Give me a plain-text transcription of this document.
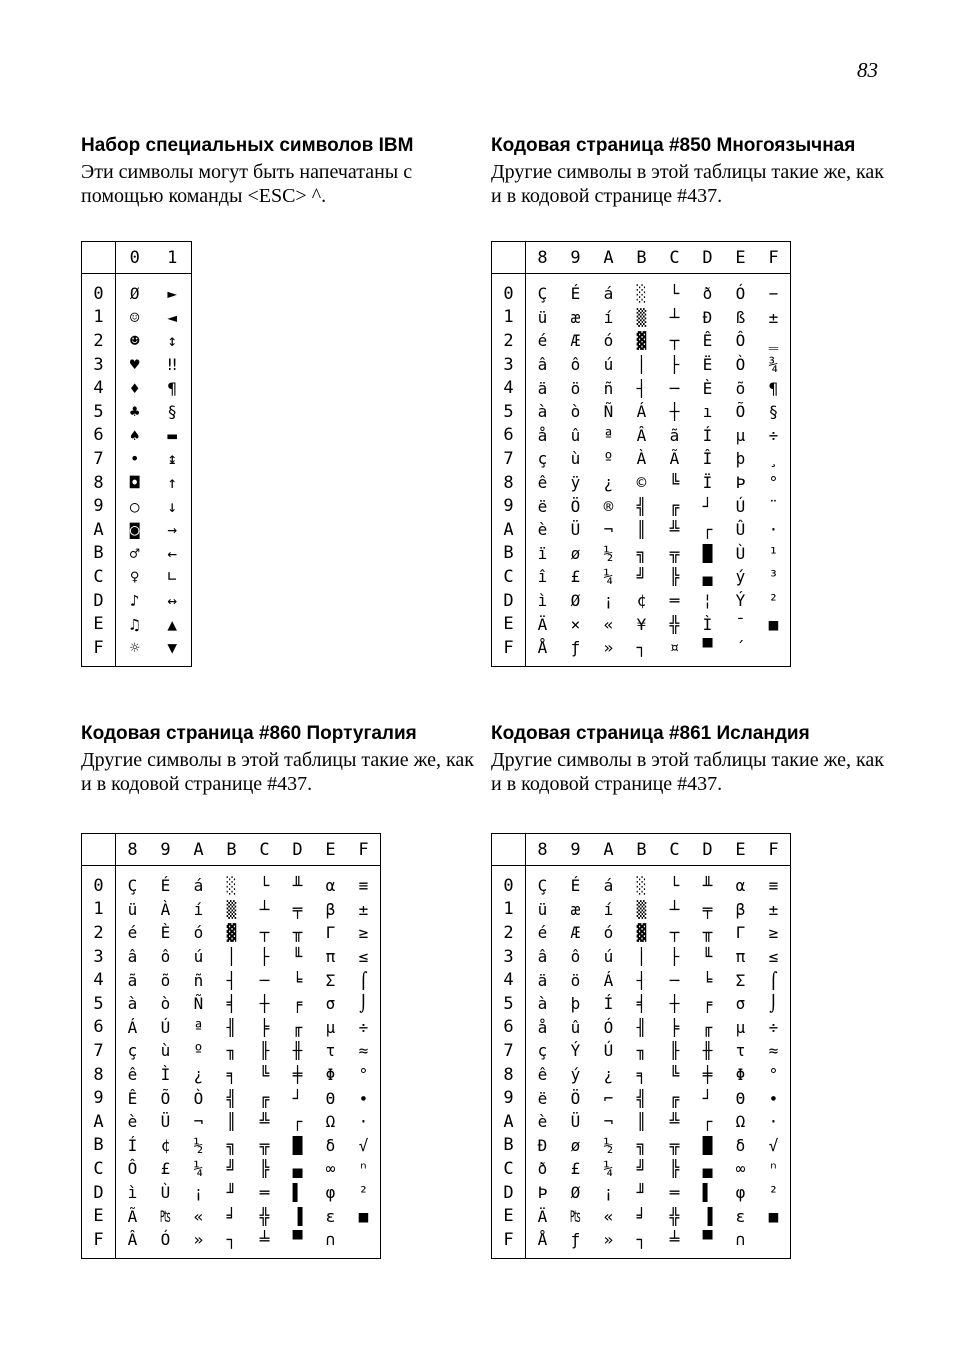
83
Набор специальных символов IBM

Эти символы могут быть напечатаны с помощью команды <ESC> ^.

	0	1
0	Ø	►
1	☺	◄
2	☻	↕
3	♥	‼
4	♦	¶
5	♣	§
6	♠	▬
7	•	↨
8	◘	↑
9	○	↓
A	◙	→
B	♂	←
C	♀	∟
D	♪	↔
E	♫	▲
F	☼	▼

Кодовая страница #850 Многоязычная

Другие символы в этой таблицы такие же, как и в кодовой странице #437.

	8	9	A	B	C	D	E	F
0	Ç	É	á	░	└	ð	Ó	−
1	ü	æ	í	▒	┴	Ð	ß	±
2	é	Æ	ó	▓	┬	Ê	Ô	‗
3	â	ô	ú	│	├	Ë	Ò	¾
4	ä	ö	ñ	┤	─	È	õ	¶
5	à	ò	Ñ	Á	┼	ı	Õ	§
6	å	û	ª	Â	ã	Í	µ	÷
7	ç	ù	º	À	Ã	Î	þ	¸
8	ê	ÿ	¿	©	╚	Ï	Þ	°
9	ë	Ö	®	╣	╔	┘	Ú	¨
A	è	Ü	¬	║	╩	┌	Û	·
B	ï	ø	½	╗	╦	█	Ù	¹
C	î	£	¼	╝	╠	▄	ý	³
D	ì	Ø	¡	¢	═	¦	Ý	²
E	Ä	×	«	¥	╬	Ì	¯	■
F	Å	ƒ	»	┐	¤	▀	´	

Кодовая страница #860 Португалия

Другие символы в этой таблицы такие же, как и в кодовой странице #437.

	8	9	A	B	C	D	E	F
0	Ç	É	á	░	└	╨	α	≡
1	ü	À	í	▒	┴	╤	β	±
2	é	È	ó	▓	┬	╥	Γ	≥
3	â	ô	ú	│	├	╙	π	≤
4	ã	õ	ñ	┤	─	╘	Σ	⌠
5	à	ò	Ñ	╡	┼	╒	σ	⌡
6	Á	Ú	ª	╢	╞	╓	µ	÷
7	ç	ù	º	╖	╟	╫	τ	≈
8	ê	Ì	¿	╕	╚	╪	Φ	°
9	Ê	Õ	Ò	╣	╔	┘	Θ	∙
A	è	Ü	¬	║	╩	┌	Ω	·
B	Í	¢	½	╗	╦	█	δ	√
C	Ô	£	¼	╝	╠	▄	∞	ⁿ
D	ì	Ù	¡	╜	═	▌	φ	²
E	Ã	₧	«	╛	╬	▐	ε	■
F	Â	Ó	»	┐	╧	▀	∩	

Кодовая страница #861 Исландия

Другие символы в этой таблицы такие же, как и в кодовой странице #437.

	8	9	A	B	C	D	E	F
0	Ç	É	á	░	└	╨	α	≡
1	ü	æ	í	▒	┴	╤	β	±
2	é	Æ	ó	▓	┬	╥	Γ	≥
3	â	ô	ú	│	├	╙	π	≤
4	ä	ö	Á	┤	─	╘	Σ	⌠
5	à	þ	Í	╡	┼	╒	σ	⌡
6	å	û	Ó	╢	╞	╓	µ	÷
7	ç	Ý	Ú	╖	╟	╫	τ	≈
8	ê	ý	¿	╕	╚	╪	Φ	°
9	ë	Ö	⌐	╣	╔	┘	Θ	∙
A	è	Ü	¬	║	╩	┌	Ω	·
B	Ð	ø	½	╗	╦	█	δ	√
C	ð	£	¼	╝	╠	▄	∞	ⁿ
D	Þ	Ø	¡	╜	═	▌	φ	²
E	Ä	₧	«	╛	╬	▐	ε	■
F	Å	ƒ	»	┐	╧	▀	∩	
